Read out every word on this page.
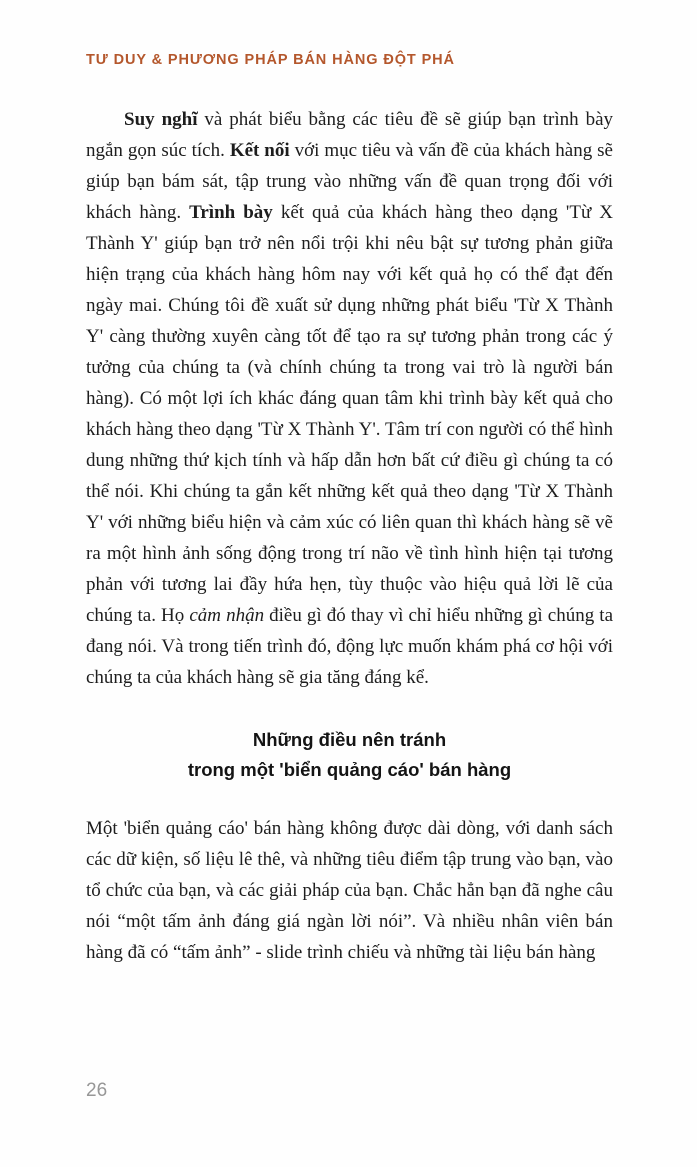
TƯ DUY & PHƯƠNG PHÁP BÁN HÀNG ĐỘT PHÁ

Suy nghĩ và phát biểu bằng các tiêu đề sẽ giúp bạn trình bày ngắn gọn súc tích. Kết nối với mục tiêu và vấn đề của khách hàng sẽ giúp bạn bám sát, tập trung vào những vấn đề quan trọng đối với khách hàng. Trình bày kết quả của khách hàng theo dạng 'Từ X Thành Y' giúp bạn trở nên nổi trội khi nêu bật sự tương phản giữa hiện trạng của khách hàng hôm nay với kết quả họ có thể đạt đến ngày mai. Chúng tôi đề xuất sử dụng những phát biểu 'Từ X Thành Y' càng thường xuyên càng tốt để tạo ra sự tương phản trong các ý tưởng của chúng ta (và chính chúng ta trong vai trò là người bán hàng). Có một lợi ích khác đáng quan tâm khi trình bày kết quả cho khách hàng theo dạng 'Từ X Thành Y'. Tâm trí con người có thể hình dung những thứ kịch tính và hấp dẫn hơn bất cứ điều gì chúng ta có thể nói. Khi chúng ta gắn kết những kết quả theo dạng 'Từ X Thành Y' với những biểu hiện và cảm xúc có liên quan thì khách hàng sẽ vẽ ra một hình ảnh sống động trong trí não về tình hình hiện tại tương phản với tương lai đầy hứa hẹn, tùy thuộc vào hiệu quả lời lẽ của chúng ta. Họ cảm nhận điều gì đó thay vì chỉ hiểu những gì chúng ta đang nói. Và trong tiến trình đó, động lực muốn khám phá cơ hội với chúng ta của khách hàng sẽ gia tăng đáng kể.

Những điều nên tránh
trong một 'biển quảng cáo' bán hàng

Một 'biển quảng cáo' bán hàng không được dài dòng, với danh sách các dữ kiện, số liệu lê thê, và những tiêu điểm tập trung vào bạn, vào tổ chức của bạn, và các giải pháp của bạn. Chắc hẳn bạn đã nghe câu nói “một tấm ảnh đáng giá ngàn lời nói”. Và nhiều nhân viên bán hàng đã có “tấm ảnh” - slide trình chiếu và những tài liệu bán hàng

26
